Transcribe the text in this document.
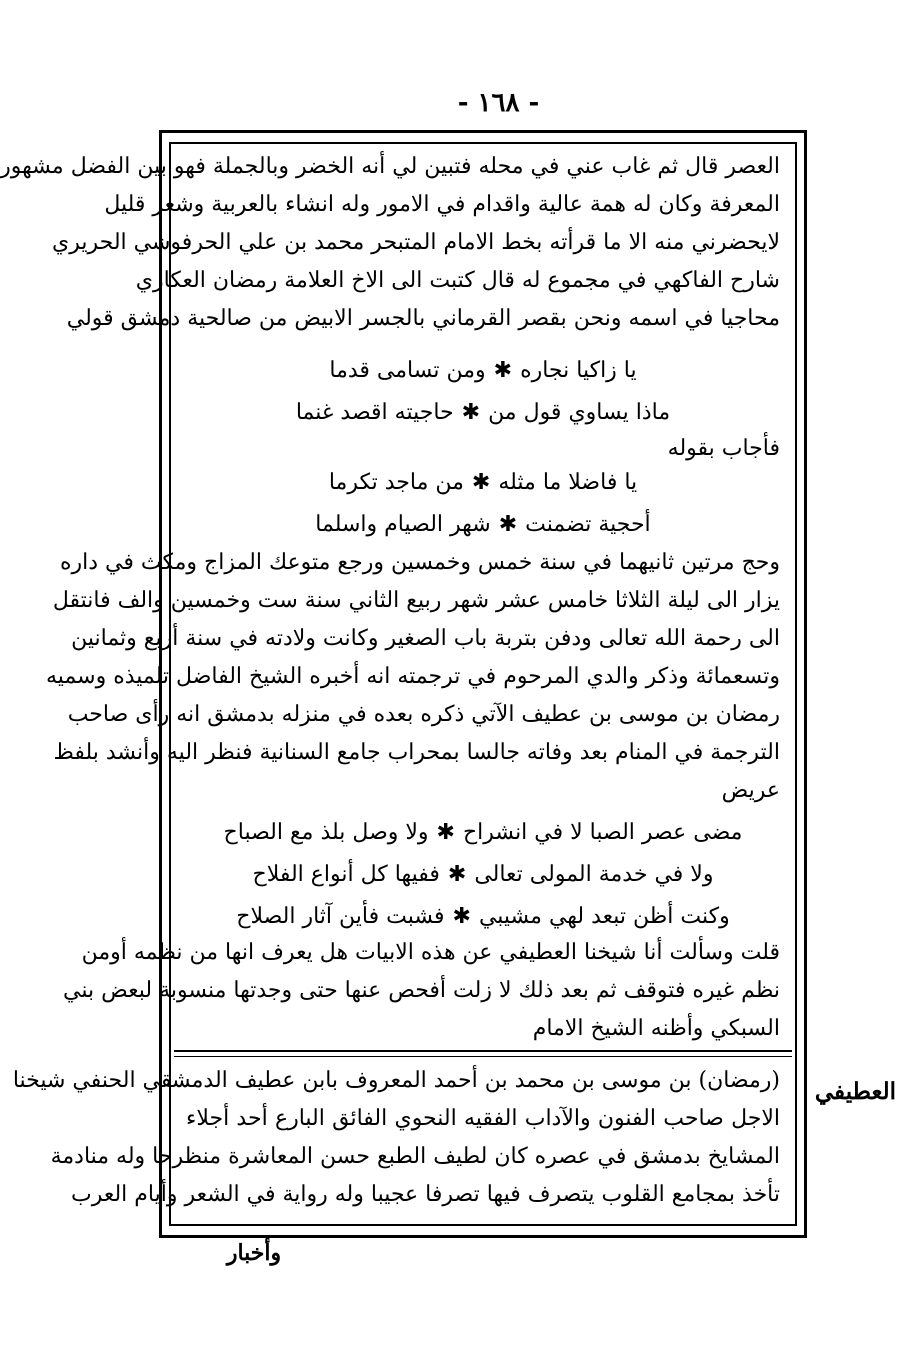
- ١٦٨ -
العصر قال ثم غاب عني في محله فتبين لي أنه الخضر وبالجملة فهو بين الفضل مشهور
المعرفة وكان له همة عالية واقدام في الامور وله انشاء بالعربية وشعر قليل
لايحضرني منه الا ما قرأته بخط الامام المتبحر محمد بن علي الحرفوشي الحريري
شارح الفاكهي في مجموع له قال كتبت الى الاخ العلامة رمضان العكاري
محاجيا في اسمه ونحن بقصر القرماني بالجسر الابيض من صالحية دمشق قولي
يا زاكيا نجاره✱ومن تسامى قدما
ماذا يساوي قول من✱حاجيته اقصد غنما
فأجاب بقوله
يا فاضلا ما مثله✱من ماجد تكرما
أحجية تضمنت✱شهر الصيام واسلما
وحج مرتين ثانيهما في سنة خمس وخمسين ورجع متوعك المزاج ومكث في داره
يزار الى ليلة الثلاثا خامس عشر شهر ربيع الثاني سنة ست وخمسين والف فانتقل
الى رحمة الله تعالى ودفن بتربة باب الصغير وكانت ولادته في سنة أربع وثمانين
وتسعمائة وذكر والدي المرحوم في ترجمته انه أخبره الشيخ الفاضل تلميذه وسميه
رمضان بن موسى بن عطيف الآتي ذكره بعده في منزله بدمشق انه رأى صاحب
الترجمة في المنام بعد وفاته جالسا بمحراب جامع السنانية فنظر اليه وأنشد بلفظ
عريض
مضى عصر الصبا لا في انشراح✱ولا وصل بلذ مع الصباح
ولا في خدمة المولى تعالى✱ففيها كل أنواع الفلاح
وكنت أظن تبعد لهي مشيبي✱فشبت فأين آثار الصلاح
قلت وسألت أنا شيخنا العطيفي عن هذه الابيات هل يعرف انها من نظمه أومن
نظم غيره فتوقف ثم بعد ذلك لا زلت أفحص عنها حتى وجدتها منسوبة لبعض بني
السبكي وأظنه الشيخ الامام
(رمضان) بن موسى بن محمد بن أحمد المعروف بابن عطيف الدمشقي الحنفي شيخنا
الاجل صاحب الفنون والآداب الفقيه النحوي الفائق البارع أحد أجلاء
المشايخ بدمشق في عصره كان لطيف الطبع حسن المعاشرة منظرحا وله منادمة
تأخذ بمجامع القلوب يتصرف فيها تصرفا عجيبا وله رواية في الشعر وأيام العرب
العطيفي
وأخبار
